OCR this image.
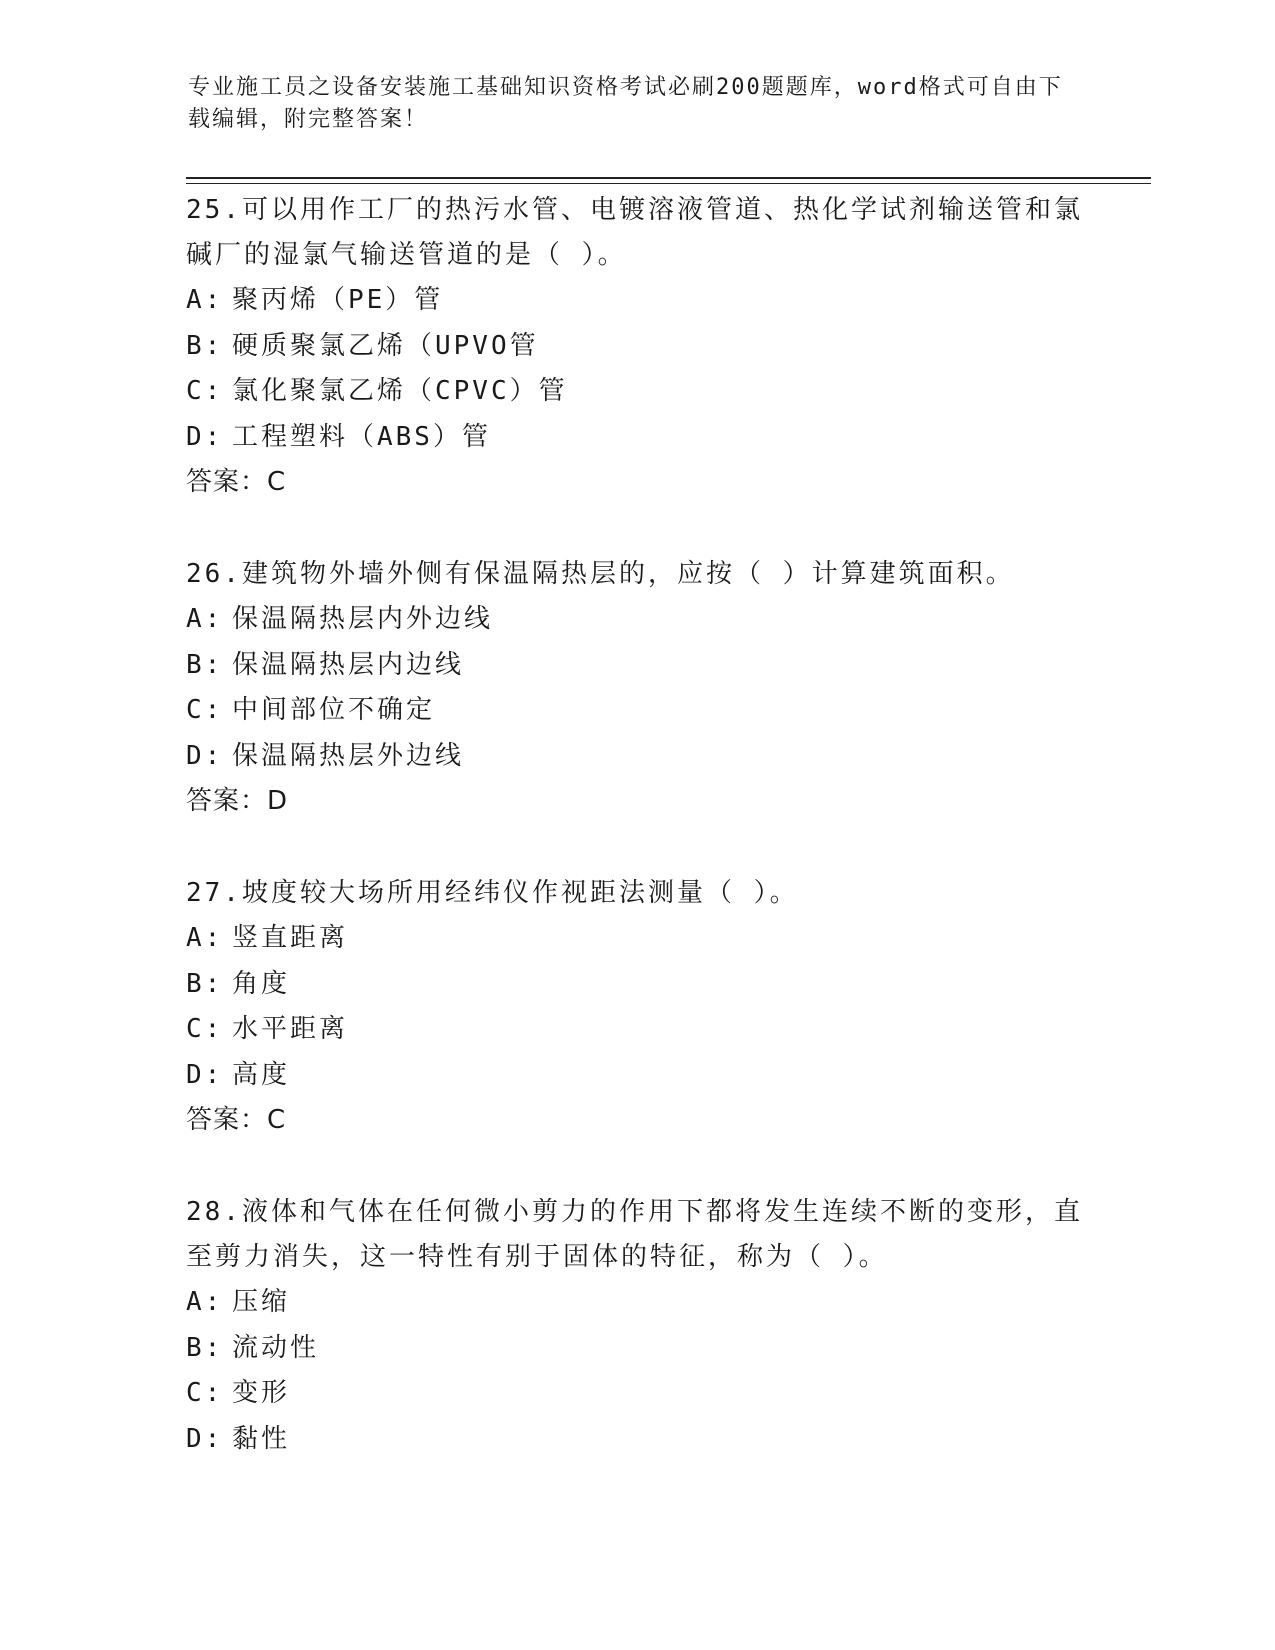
专业施工员之设备安装施工基础知识资格考试必刷200题题库，word格式可自由下载编辑，附完整答案！
25.可以用作工厂的热污水管、电镀溶液管道、热化学试剂输送管和氯碱厂的湿氯气输送管道的是（ ）。
A: 聚丙烯（PE）管
B: 硬质聚氯乙烯（UPVO管
C: 氯化聚氯乙烯（CPVC）管
D: 工程塑料（ABS）管
答案：C
26.建筑物外墙外侧有保温隔热层的，应按（ ）计算建筑面积。
A: 保温隔热层内外边线
B: 保温隔热层内边线
C: 中间部位不确定
D: 保温隔热层外边线
答案：D
27.坡度较大场所用经纬仪作视距法测量（ ）。
A: 竖直距离
B: 角度
C: 水平距离
D: 高度
答案：C
28.液体和气体在任何微小剪力的作用下都将发生连续不断的变形，直至剪力消失，这一特性有别于固体的特征，称为（ ）。
A: 压缩
B: 流动性
C: 变形
D: 黏性
